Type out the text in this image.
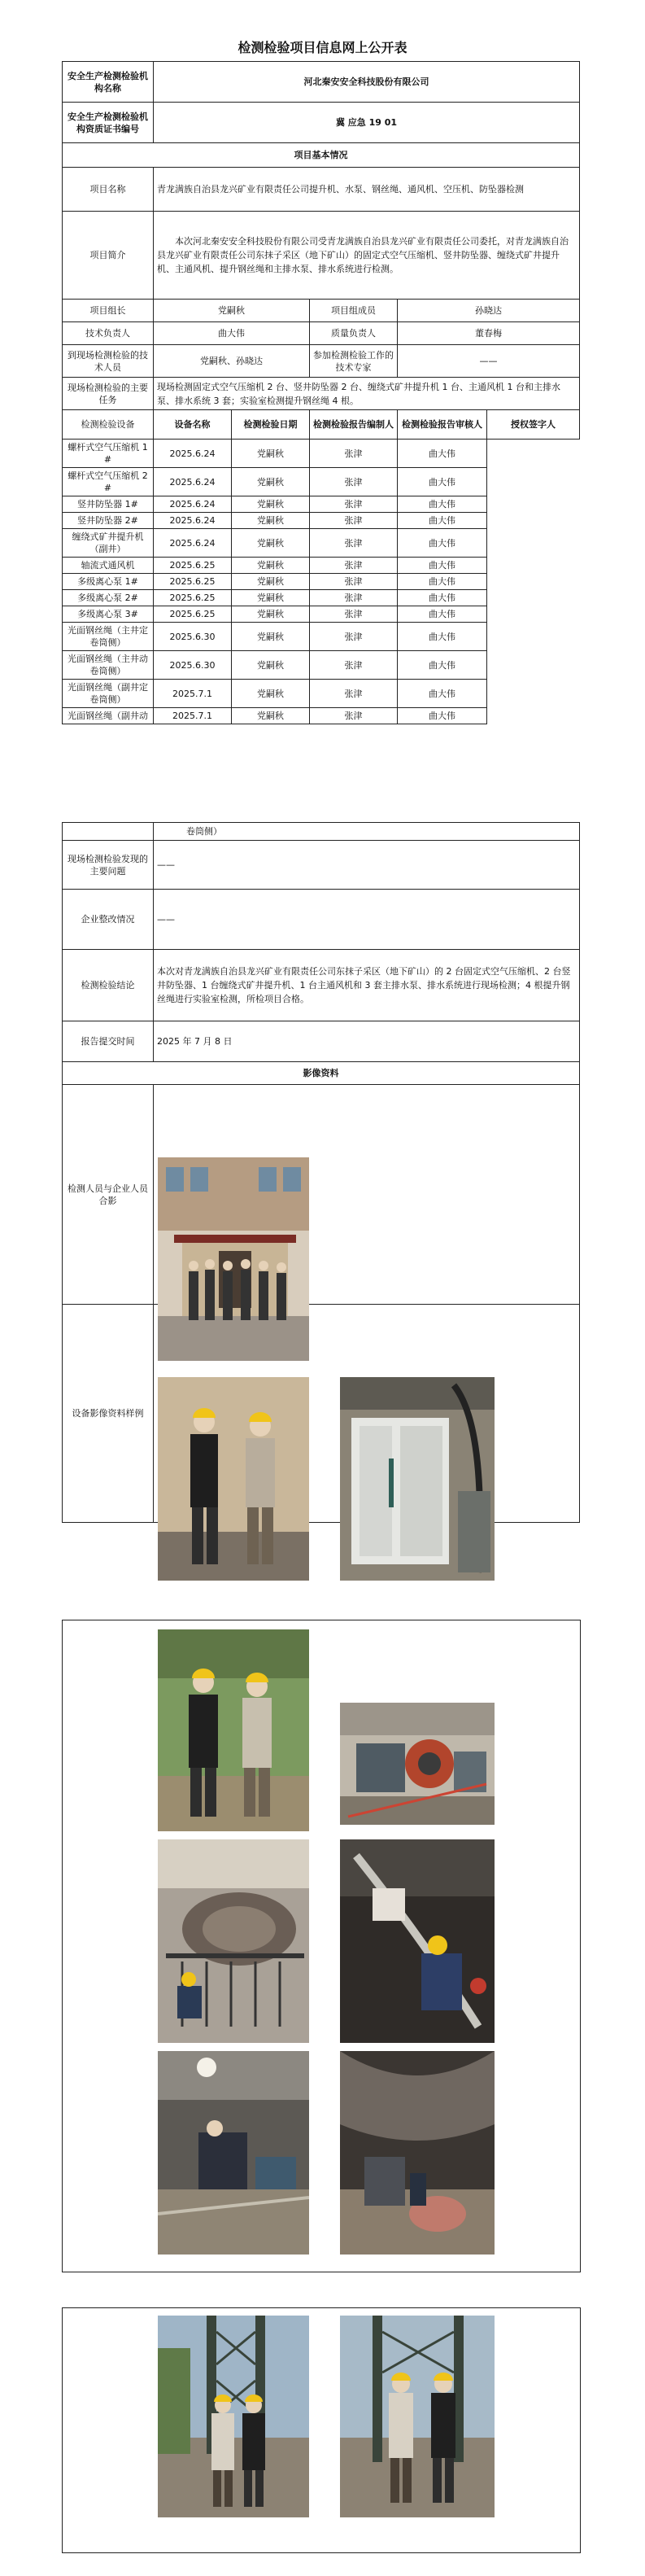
检测检验项目信息网上公开表
安全生产检测检验机构名称	河北秦安安全科技股份有限公司				
安全生产检测检验机构资质证书编号	冀 应急 19 01				
项目基本情况					
项目名称	青龙满族自治县龙兴矿业有限责任公司提升机、水泵、钢丝绳、通风机、空压机、防坠器检测				
项目简介	本次河北秦安安全科技股份有限公司受青龙满族自治县龙兴矿业有限责任公司委托，对青龙满族自治县龙兴矿业有限责任公司东抹子采区（地下矿山）的固定式空气压缩机、竖井防坠器、缠绕式矿井提升机、主通风机、提升钢丝绳和主排水泵、排水系统进行检测。				
项目组长	党嗣秋		项目组成员	孙晓达	
技术负责人	曲大伟		质量负责人	董春梅	
到现场检测检验的技术人员	党嗣秋、孙晓达		参加检测检验工作的技术专家	——	
现场检测检验的主要任务	现场检测固定式空气压缩机 2 台、竖井防坠器 2 台、缠绕式矿井提升机 1 台、主通风机 1 台和主排水泵、排水系统 3 套；实验室检测提升钢丝绳 4 根。				
检测检验设备	设备名称	检测检验日期	检测检验报告编制人	检测检验报告审核人	授权签字人
螺杆式空气压缩机 1#	2025.6.24	党嗣秋	张津	曲大伟	
螺杆式空气压缩机 2#	2025.6.24	党嗣秋	张津	曲大伟	
竖井防坠器 1#	2025.6.24	党嗣秋	张津	曲大伟	
竖井防坠器 2#	2025.6.24	党嗣秋	张津	曲大伟	
缠绕式矿井提升机（副井）	2025.6.24	党嗣秋	张津	曲大伟	
轴流式通风机	2025.6.25	党嗣秋	张津	曲大伟	
多级离心泵 1#	2025.6.25	党嗣秋	张津	曲大伟	
多级离心泵 2#	2025.6.25	党嗣秋	张津	曲大伟	
多级离心泵 3#	2025.6.25	党嗣秋	张津	曲大伟	
光面钢丝绳（主井定卷筒侧）	2025.6.30	党嗣秋	张津	曲大伟	
光面钢丝绳（主井动卷筒侧）	2025.6.30	党嗣秋	张津	曲大伟	
光面钢丝绳（副井定卷筒侧）	2025.7.1	党嗣秋	张津	曲大伟	
光面钢丝绳（副井动	2025.7.1	党嗣秋	张津	曲大伟	
	卷筒侧）
现场检测检验发现的主要问题	——
企业整改情况	——
检测检验结论	本次对青龙满族自治县龙兴矿业有限责任公司东抹子采区（地下矿山）的 2 台固定式空气压缩机、2 台竖井防坠器、1 台缠绕式矿井提升机、1 台主通风机和 3 套主排水泵、排水系统进行现场检测；4 根提升钢丝绳进行实验室检测，所检项目合格。
报告提交时间	2025 年 7 月 8 日
影像资料	
检测人员与企业人员合影	
设备影像资料样例	
